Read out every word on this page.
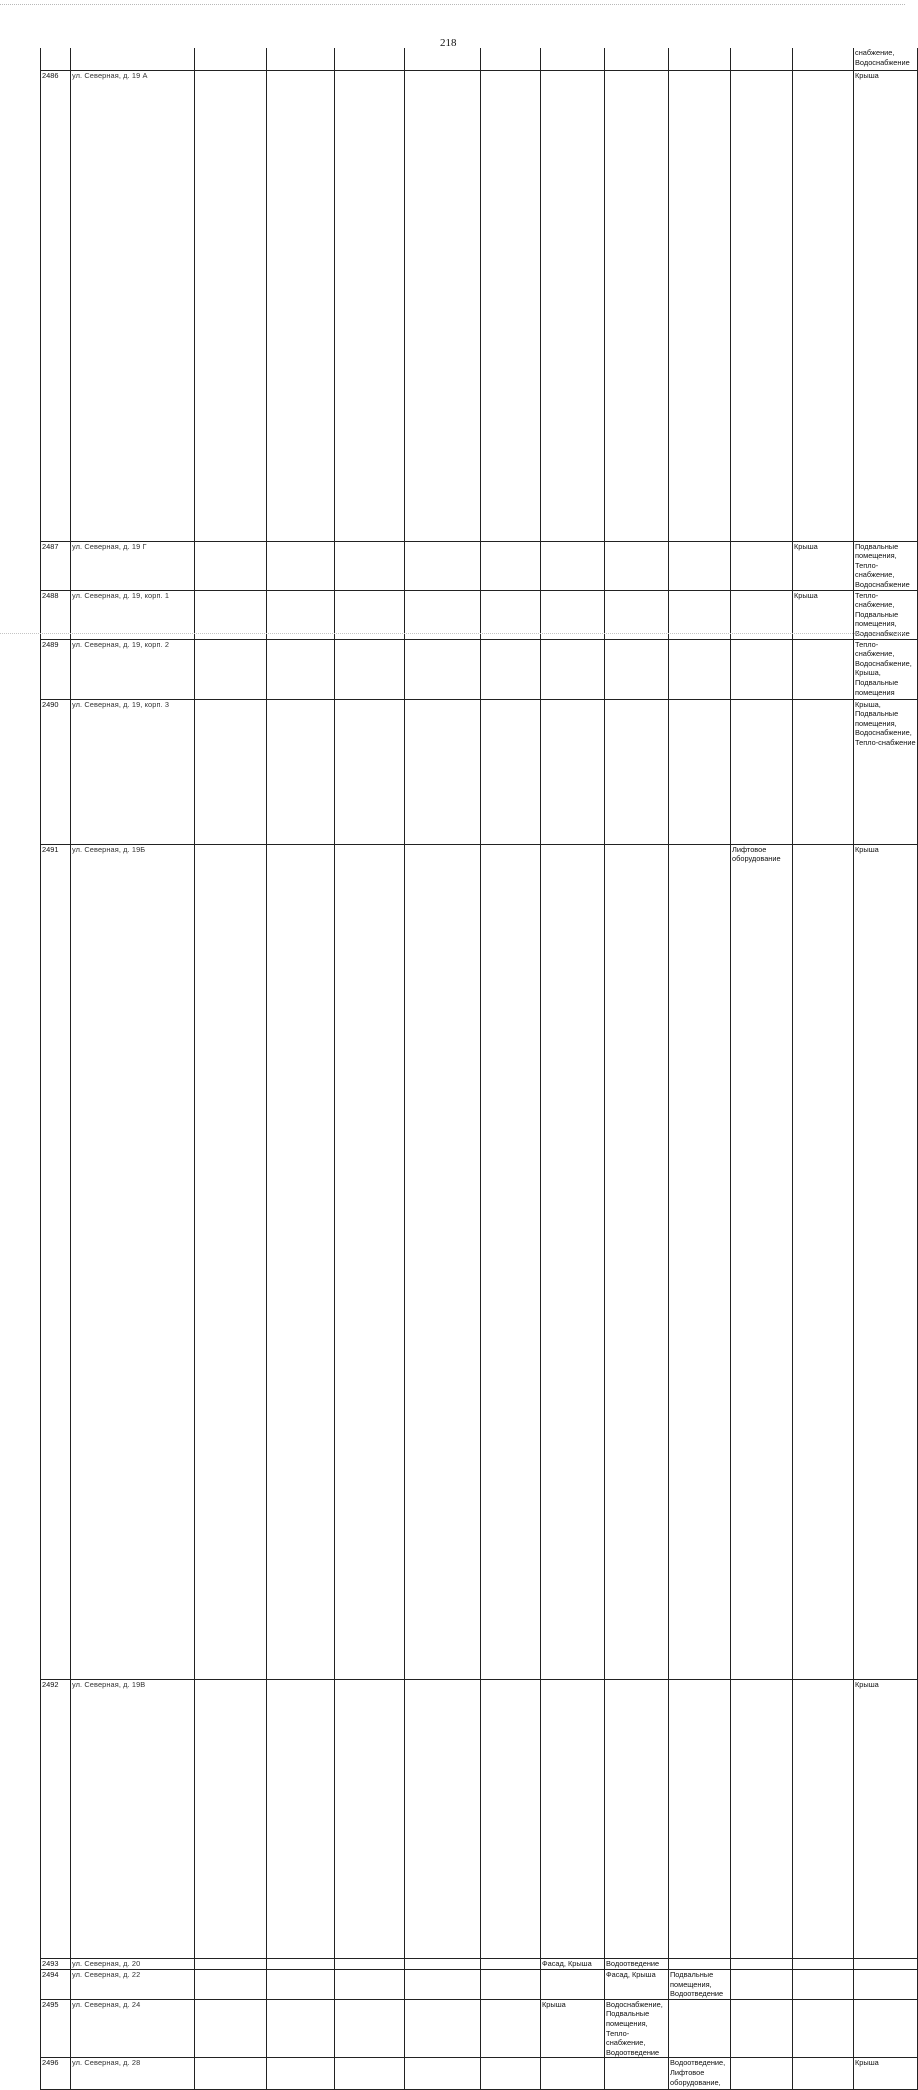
218
												снабжение, Водоснабжение	
2486	ул. Северная, д. 19 А											Крыша	
2487	ул. Северная, д. 19 Г										Крыша	Подвальные помещения, Тепло-снабжение, Водоснабжение	
2488	ул. Северная, д. 19, корп. 1										Крыша	Тепло-снабжение, Подвальные помещения, Водоснабжение	
2489	ул. Северная, д. 19, корп. 2											Тепло-снабжение, Водоснабжение, Крыша, Подвальные помещения	
2490	ул. Северная, д. 19, корп. 3											Крыша, Подвальные помещения, Водоснабжение, Тепло-снабжение	
2491	ул. Северная, д. 19Б									Лифтовое оборудование		Крыша	
2492	ул. Северная, д. 19В											Крыша	
2493	ул. Северная, д. 20						Фасад, Крыша	Водоотведение					
2494	ул. Северная, д. 22							Фасад, Крыша	Подвальные помещения, Водоотведение				
2495	ул. Северная, д. 24						Крыша	Водоснабжение, Подвальные помещения, Тепло-снабжение, Водоотведение					
2496	ул. Северная, д. 28								Водоотведение, Лифтовое оборудование,			Крыша	
